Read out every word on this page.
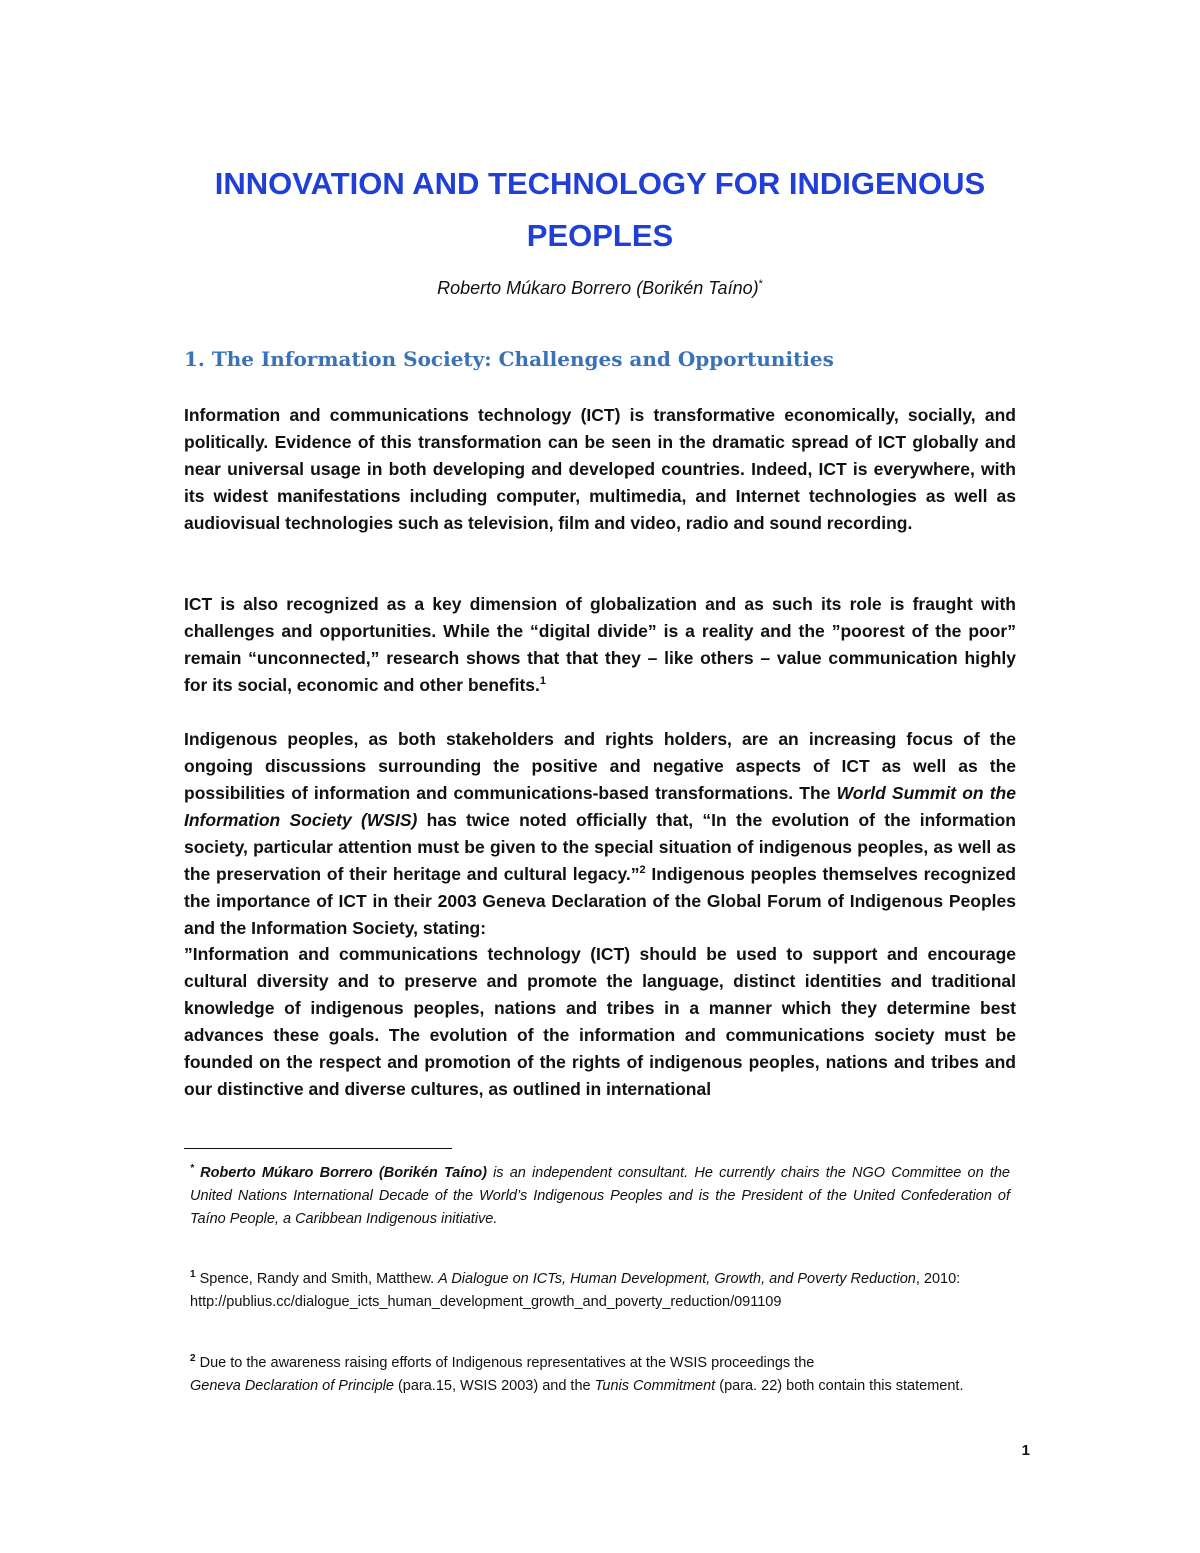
INNOVATION AND TECHNOLOGY FOR INDIGENOUS PEOPLES

Roberto Múkaro Borrero (Borikén Taíno)*

1. The Information Society: Challenges and Opportunities

Information and communications technology (ICT) is transformative economically, socially, and politically. Evidence of this transformation can be seen in the dramatic spread of ICT globally and near universal usage in both developing and developed countries. Indeed, ICT is everywhere, with its widest manifestations including computer, multimedia, and Internet technologies as well as audiovisual technologies such as television, film and video, radio and sound recording.

ICT is also recognized as a key dimension of globalization and as such its role is fraught with challenges and opportunities. While the “digital divide” is a reality and the ”poorest of the poor” remain “unconnected,” research shows that that they – like others – value communication highly for its social, economic and other benefits.$^1$

Indigenous peoples, as both stakeholders and rights holders, are an increasing focus of the ongoing discussions surrounding the positive and negative aspects of ICT as well as the possibilities of information and communications-based transformations. The World Summit on the Information Society (WSIS) has twice noted officially that, “In the evolution of the information society, particular attention must be given to the special situation of indigenous peoples, as well as the preservation of their heritage and cultural legacy.”$^2$ Indigenous peoples themselves recognized the importance of ICT in their 2003 Geneva Declaration of the Global Forum of Indigenous Peoples and the Information Society, stating:

”Information and communications technology (ICT) should be used to support and encourage cultural diversity and to preserve and promote the language, distinct identities and traditional knowledge of indigenous peoples, nations and tribes in a manner which they determine best advances these goals. The evolution of the information and communications society must be founded on the respect and promotion of the rights of indigenous peoples, nations and tribes and our distinctive and diverse cultures, as outlined in international

* Roberto Múkaro Borrero (Borikén Taíno) is an independent consultant. He currently chairs the NGO Committee on the United Nations International Decade of the World’s Indigenous Peoples and is the President of the United Confederation of Taíno People, a Caribbean Indigenous initiative.

$^1$ Spence, Randy and Smith, Matthew. A Dialogue on ICTs, Human Development, Growth, and Poverty Reduction, 2010:
http://publius.cc/dialogue_icts_human_development_growth_and_poverty_reduction/091109

$^2$ Due to the awareness raising efforts of Indigenous representatives at the WSIS proceedings the
Geneva Declaration of Principle (para.15, WSIS 2003) and the Tunis Commitment (para. 22) both contain this statement.

1
